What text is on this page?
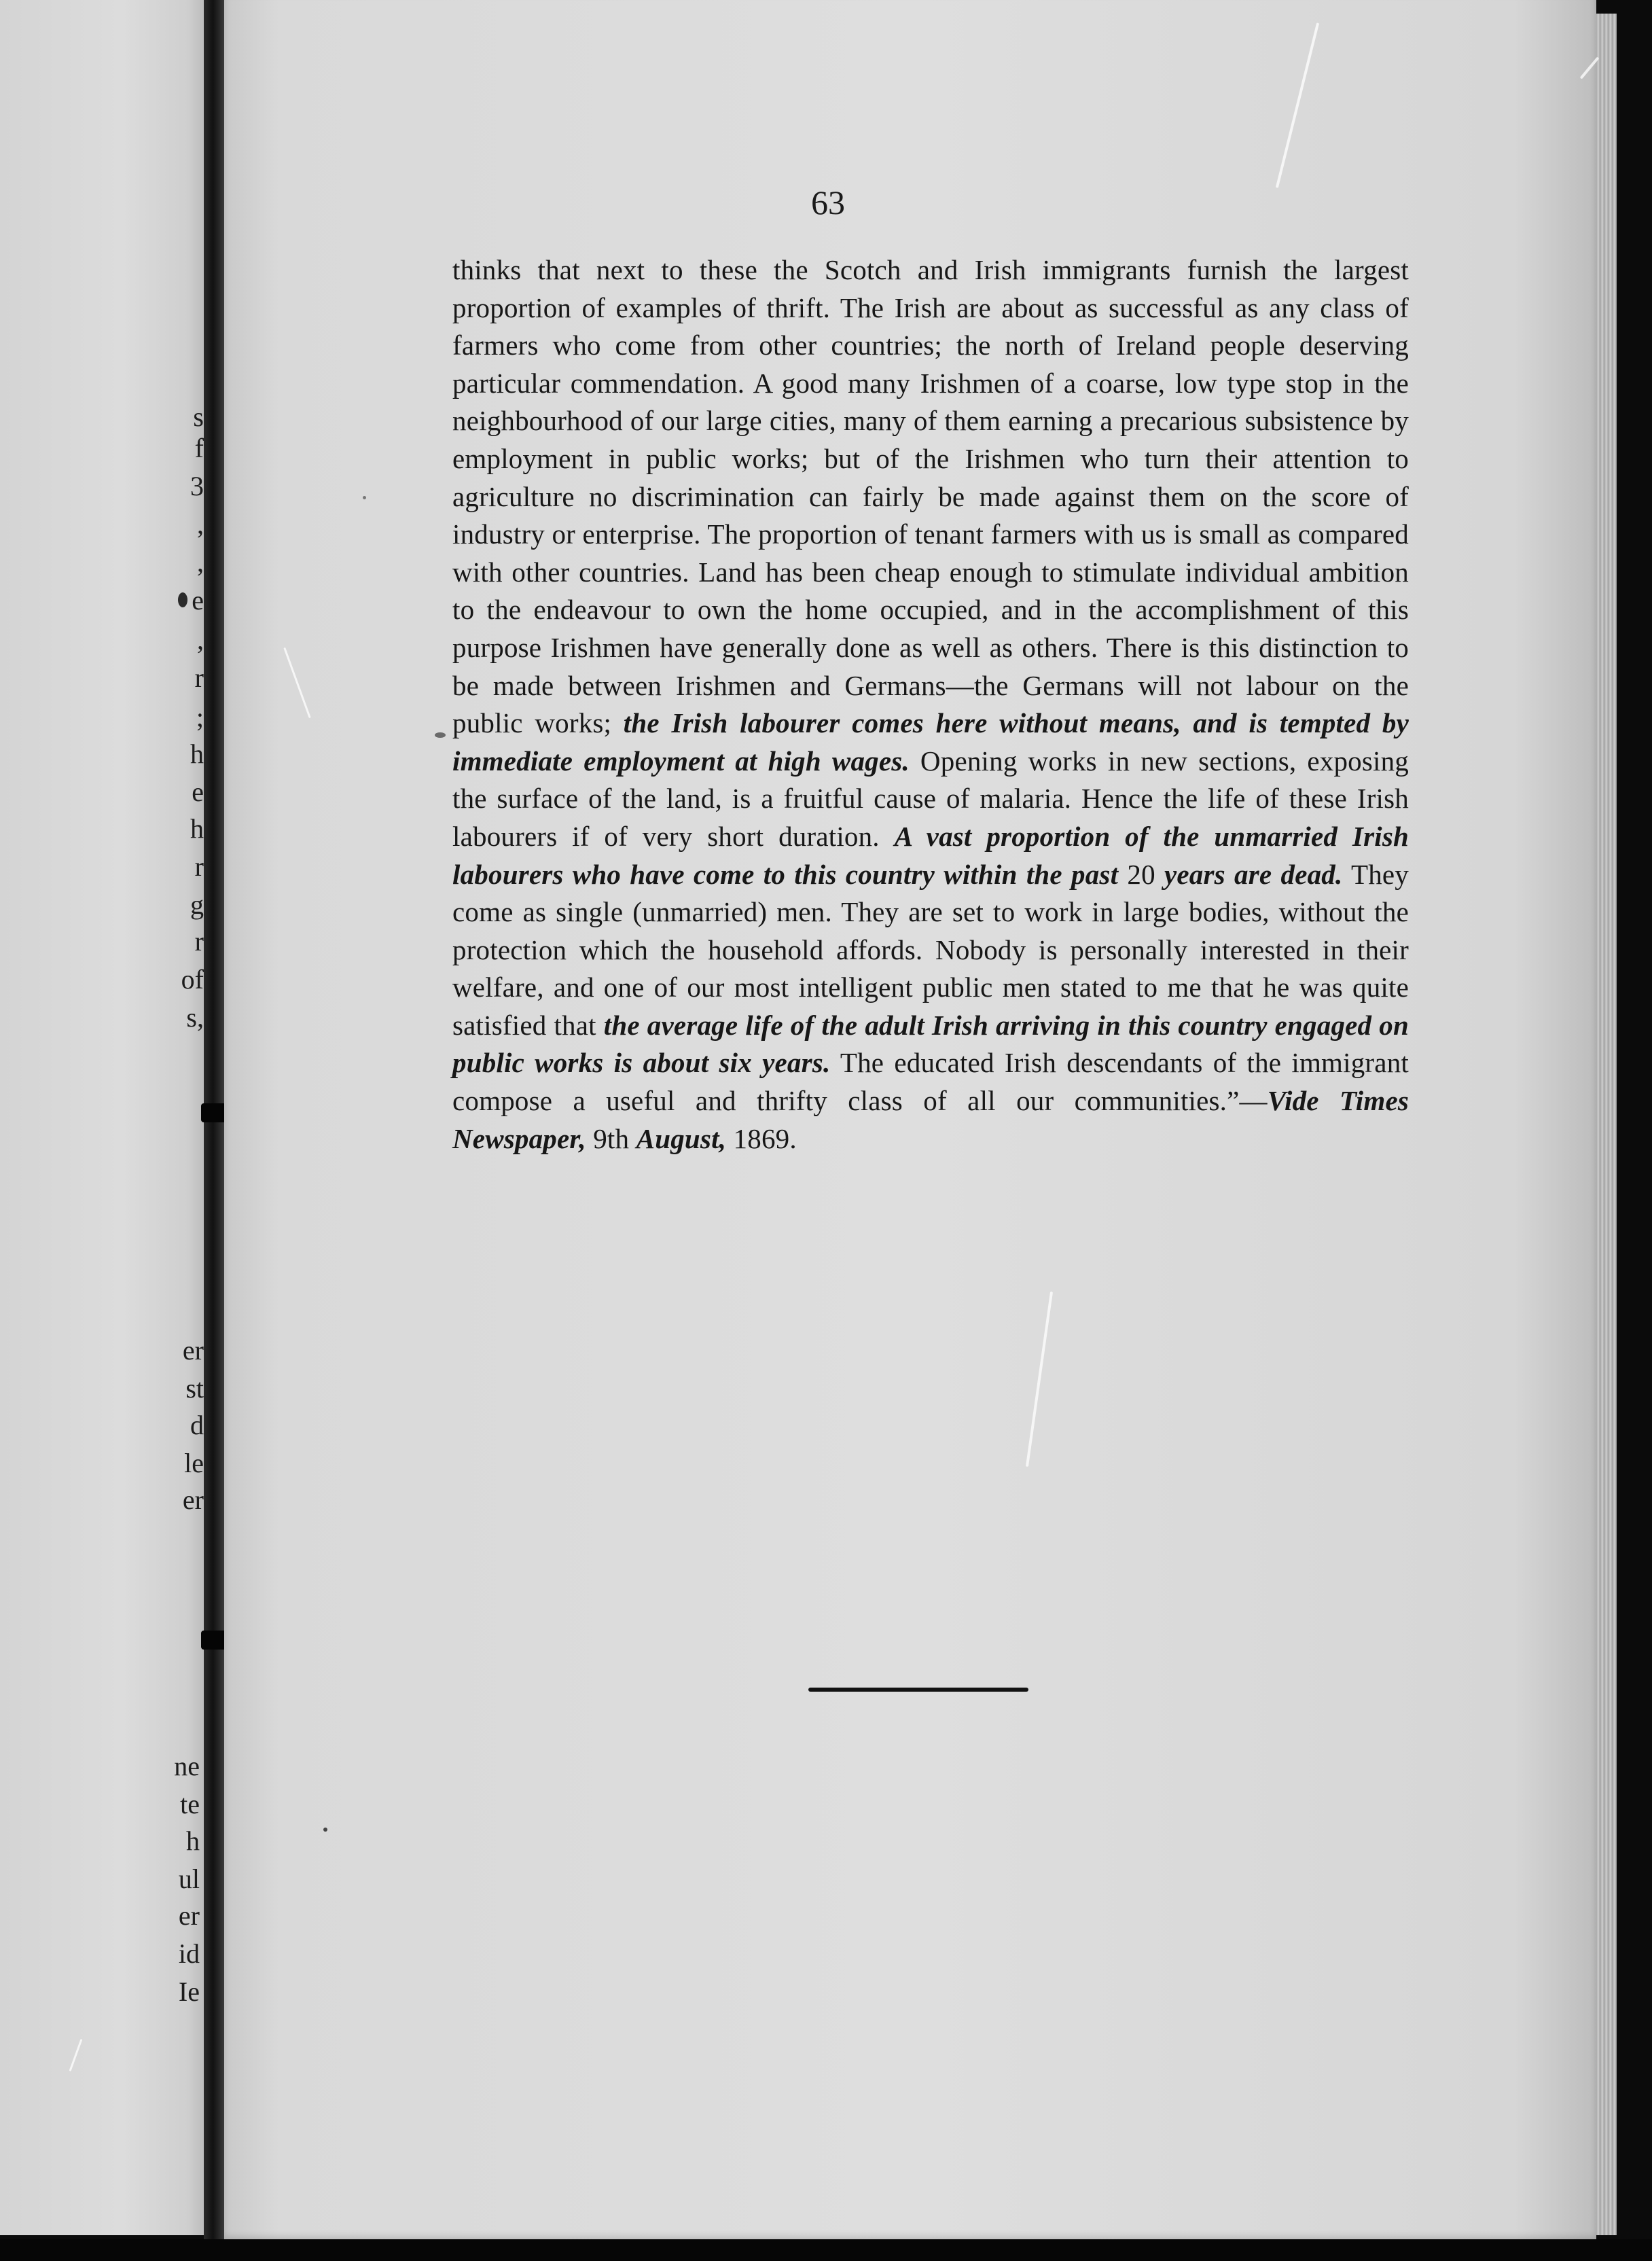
s
f
3
,
,
e
,
r
;
h
e
h
r
g
r
of
s,
er
st
d
le
er
ne
te
h
ul
er
id
Ie
63
thinks that next to these the Scotch and Irish immigrants furnish the largest proportion of examples of thrift. The Irish are about as successful as any class of farmers who come from other countries; the north of Ireland people deserving particular commendation. A good many Irishmen of a coarse, low type stop in the neighbourhood of our large cities, many of them earning a precarious subsistence by employment in public works; but of the Irishmen who turn their attention to agriculture no discrimination can fairly be made against them on the score of industry or enterprise. The proportion of tenant farmers with us is small as compared with other countries. Land has been cheap enough to stimulate individual ambition to the endeavour to own the home occupied, and in the accomplishment of this purpose Irishmen have generally done as well as others. There is this distinction to be made between Irishmen and Germans—the Germans will not labour on the public works; the Irish labourer comes here without means, and is tempted by immediate employment at high wages. Opening works in new sections, exposing the surface of the land, is a fruitful cause of malaria. Hence the life of these Irish labourers if of very short duration. A vast proportion of the unmarried Irish labourers who have come to this country within the past 20 years are dead. They come as single (unmarried) men. They are set to work in large bodies, without the protection which the household affords. Nobody is personally interested in their welfare, and one of our most intelligent public men stated to me that he was quite satisfied that the average life of the adult Irish arriving in this country engaged on public works is about six years. The educated Irish descendants of the immigrant compose a useful and thrifty class of all our communities.”—Vide Times Newspaper, 9th August, 1869.
